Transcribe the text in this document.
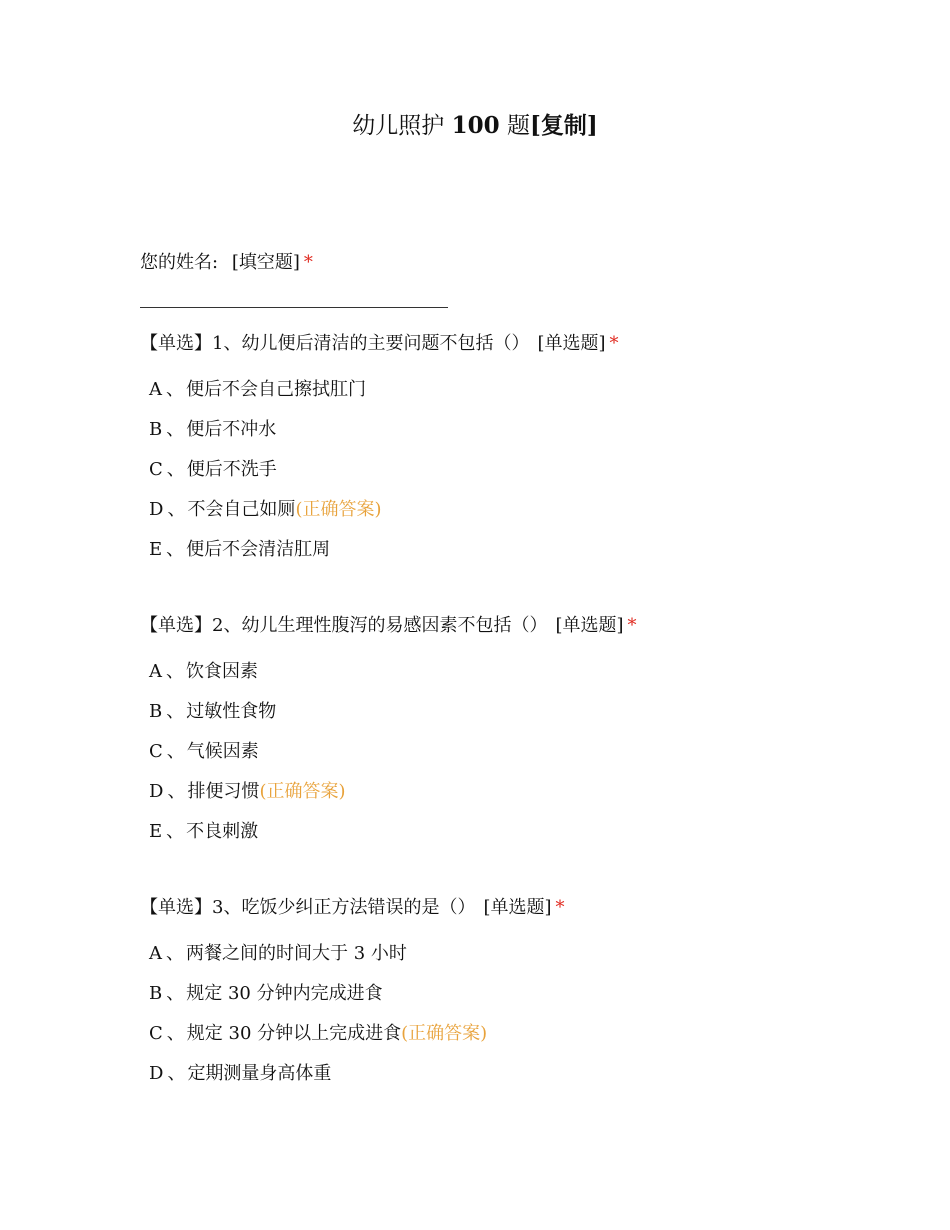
幼儿照护 100 题[复制]
您的姓名: [填空题] *
【单选】1、幼儿便后清洁的主要问题不包括（） [单选题] *
A 、 便后不会自己擦拭肛门
B 、 便后不冲水
C 、 便后不洗手
D 、 不会自己如厕(正确答案)
E 、 便后不会清洁肛周
【单选】2、幼儿生理性腹泻的易感因素不包括（） [单选题] *
A 、 饮食因素
B 、 过敏性食物
C 、 气候因素
D 、 排便习惯(正确答案)
E 、 不良刺激
【单选】3、吃饭少纠正方法错误的是（） [单选题] *
A 、 两餐之间的时间大于 3 小时
B 、 规定 30 分钟内完成进食
C 、 规定 30 分钟以上完成进食(正确答案)
D 、 定期测量身高体重
